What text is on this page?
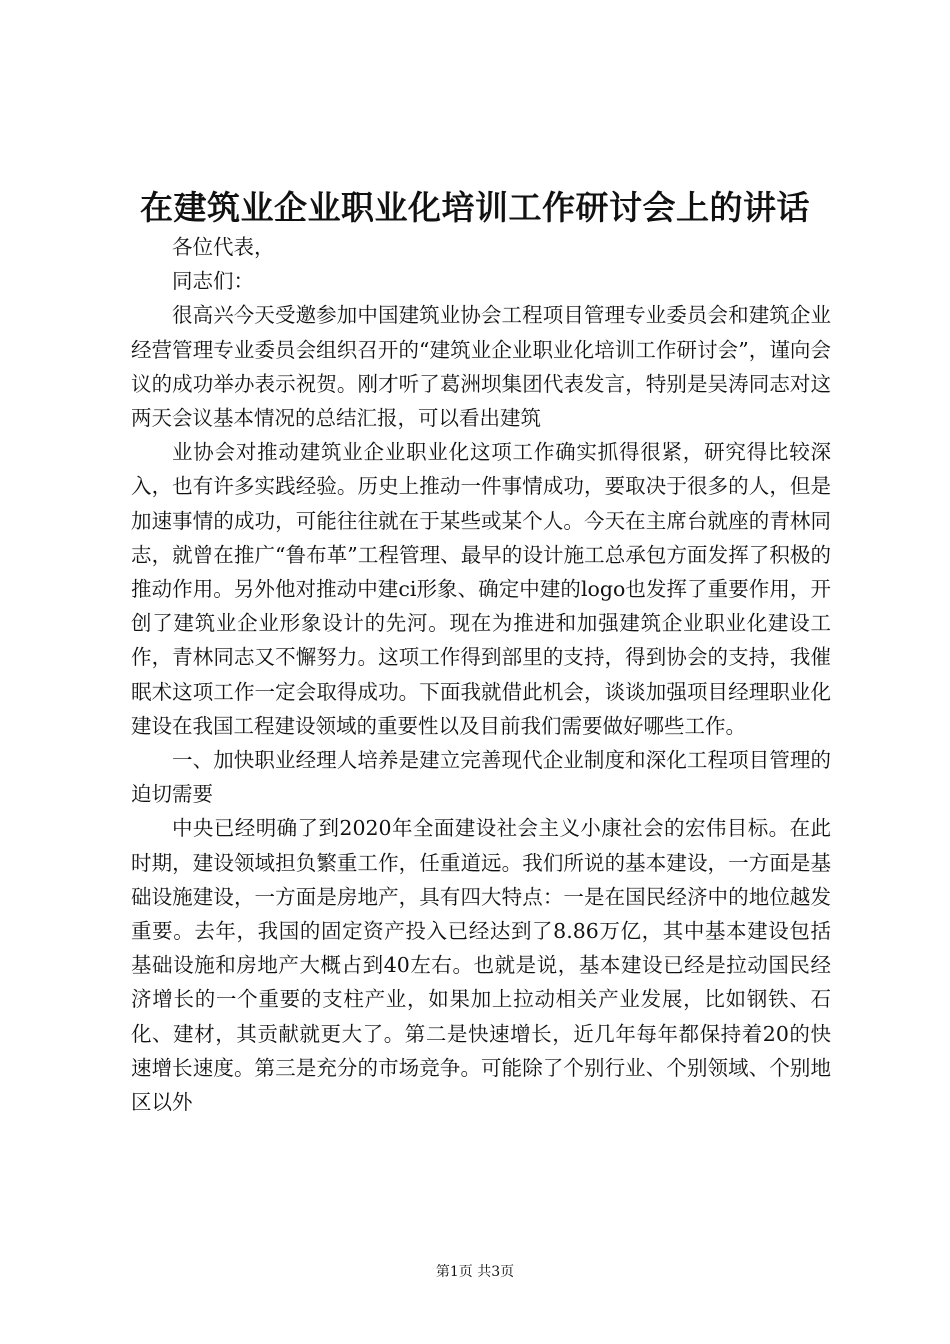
在建筑业企业职业化培训工作研讨会上的讲话

各位代表，

同志们：

很高兴今天受邀参加中国建筑业协会工程项目管理专业委员会和建筑企业经营管理专业委员会组织召开的“建筑业企业职业化培训工作研讨会”，谨向会议的成功举办表示祝贺。刚才听了葛洲坝集团代表发言，特别是吴涛同志对这两天会议基本情况的总结汇报，可以看出建筑

业协会对推动建筑业企业职业化这项工作确实抓得很紧，研究得比较深入，也有许多实践经验。历史上推动一件事情成功，要取决于很多的人，但是加速事情的成功，可能往往就在于某些或某个人。今天在主席台就座的青林同志，就曾在推广“鲁布革”工程管理、最早的设计施工总承包方面发挥了积极的推动作用。另外他对推动中建ci形象、确定中建的logo也发挥了重要作用，开创了建筑业企业形象设计的先河。现在为推进和加强建筑企业职业化建设工作，青林同志又不懈努力。这项工作得到部里的支持，得到协会的支持，我催眠术这项工作一定会取得成功。下面我就借此机会，谈谈加强项目经理职业化建设在我国工程建设领域的重要性以及目前我们需要做好哪些工作。

一、加快职业经理人培养是建立完善现代企业制度和深化工程项目管理的迫切需要

中央已经明确了到2020年全面建设社会主义小康社会的宏伟目标。在此时期，建设领域担负繁重工作，任重道远。我们所说的基本建设，一方面是基础设施建设，一方面是房地产，具有四大特点：一是在国民经济中的地位越发重要。去年，我国的固定资产投入已经达到了8.86万亿，其中基本建设包括基础设施和房地产大概占到40左右。也就是说，基本建设已经是拉动国民经济增长的一个重要的支柱产业，如果加上拉动相关产业发展，比如钢铁、石化、建材，其贡献就更大了。第二是快速增长，近几年每年都保持着20的快速增长速度。第三是充分的市场竞争。可能除了个别行业、个别领域、个别地区以外

第1页 共3页
